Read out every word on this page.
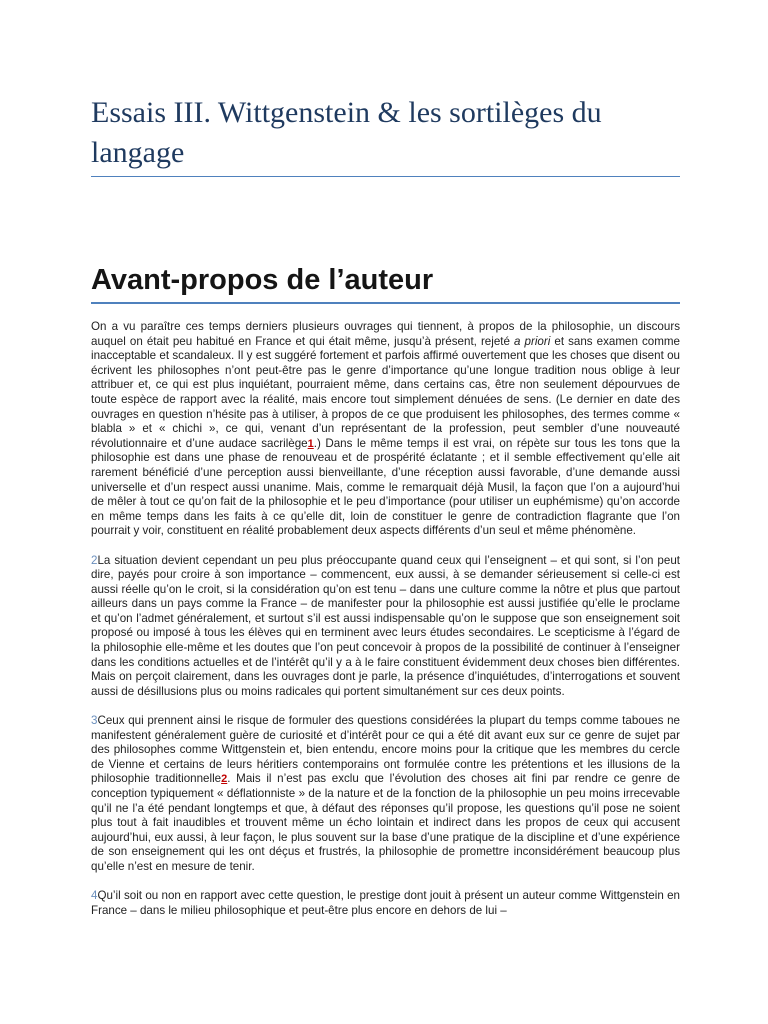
Essais III. Wittgenstein & les sortilèges du langage
Avant-propos de l’auteur

On a vu paraître ces temps derniers plusieurs ouvrages qui tiennent, à propos de la philosophie, un discours auquel on était peu habitué en France et qui était même, jusqu’à présent, rejeté a priori et sans examen comme inacceptable et scandaleux. Il y est suggéré fortement et parfois affirmé ouvertement que les choses que disent ou écrivent les philosophes n’ont peut-être pas le genre d’importance qu’une longue tradition nous oblige à leur attribuer et, ce qui est plus inquiétant, pourraient même, dans certains cas, être non seulement dépourvues de toute espèce de rapport avec la réalité, mais encore tout simplement dénuées de sens. (Le dernier en date des ouvrages en question n’hésite pas à utiliser, à propos de ce que produisent les philosophes, des termes comme « blabla » et « chichi », ce qui, venant d’un représentant de la profession, peut sembler d’une nouveauté révolutionnaire et d’une audace sacrilège1.) Dans le même temps il est vrai, on répète sur tous les tons que la philosophie est dans une phase de renouveau et de prospérité éclatante ; et il semble effectivement qu’elle ait rarement bénéficié d’une perception aussi bienveillante, d’une réception aussi favorable, d’une demande aussi universelle et d’un respect aussi unanime. Mais, comme le remarquait déjà Musil, la façon que l’on a aujourd’hui de mêler à tout ce qu’on fait de la philosophie et le peu d’importance (pour utiliser un euphémisme) qu’on accorde en même temps dans les faits à ce qu’elle dit, loin de constituer le genre de contradiction flagrante que l’on pourrait y voir, constituent en réalité probablement deux aspects différents d’un seul et même phénomène.

2La situation devient cependant un peu plus préoccupante quand ceux qui l’enseignent – et qui sont, si l’on peut dire, payés pour croire à son importance – commencent, eux aussi, à se demander sérieusement si celle-ci est aussi réelle qu’on le croit, si la considération qu’on est tenu – dans une culture comme la nôtre et plus que partout ailleurs dans un pays comme la France – de manifester pour la philosophie est aussi justifiée qu’elle le proclame et qu’on l’admet généralement, et surtout s’il est aussi indispensable qu’on le suppose que son enseignement soit proposé ou imposé à tous les élèves qui en terminent avec leurs études secondaires. Le scepticisme à l’égard de la philosophie elle-même et les doutes que l’on peut concevoir à propos de la possibilité de continuer à l’enseigner dans les conditions actuelles et de l’intérêt qu’il y a à le faire constituent évidemment deux choses bien différentes. Mais on perçoit clairement, dans les ouvrages dont je parle, la présence d’inquiétudes, d’interrogations et souvent aussi de désillusions plus ou moins radicales qui portent simultanément sur ces deux points.

3Ceux qui prennent ainsi le risque de formuler des questions considérées la plupart du temps comme taboues ne manifestent généralement guère de curiosité et d’intérêt pour ce qui a été dit avant eux sur ce genre de sujet par des philosophes comme Wittgenstein et, bien entendu, encore moins pour la critique que les membres du cercle de Vienne et certains de leurs héritiers contemporains ont formulée contre les prétentions et les illusions de la philosophie traditionnelle2. Mais il n’est pas exclu que l’évolution des choses ait fini par rendre ce genre de conception typiquement « déflationniste » de la nature et de la fonction de la philosophie un peu moins irrecevable qu’il ne l’a été pendant longtemps et que, à défaut des réponses qu’il propose, les questions qu’il pose ne soient plus tout à fait inaudibles et trouvent même un écho lointain et indirect dans les propos de ceux qui accusent aujourd’hui, eux aussi, à leur façon, le plus souvent sur la base d’une pratique de la discipline et d’une expérience de son enseignement qui les ont déçus et frustrés, la philosophie de promettre inconsidérément beaucoup plus qu’elle n’est en mesure de tenir.

4Qu’il soit ou non en rapport avec cette question, le prestige dont jouit à présent un auteur comme Wittgenstein en France – dans le milieu philosophique et peut-être plus encore en dehors de lui –
